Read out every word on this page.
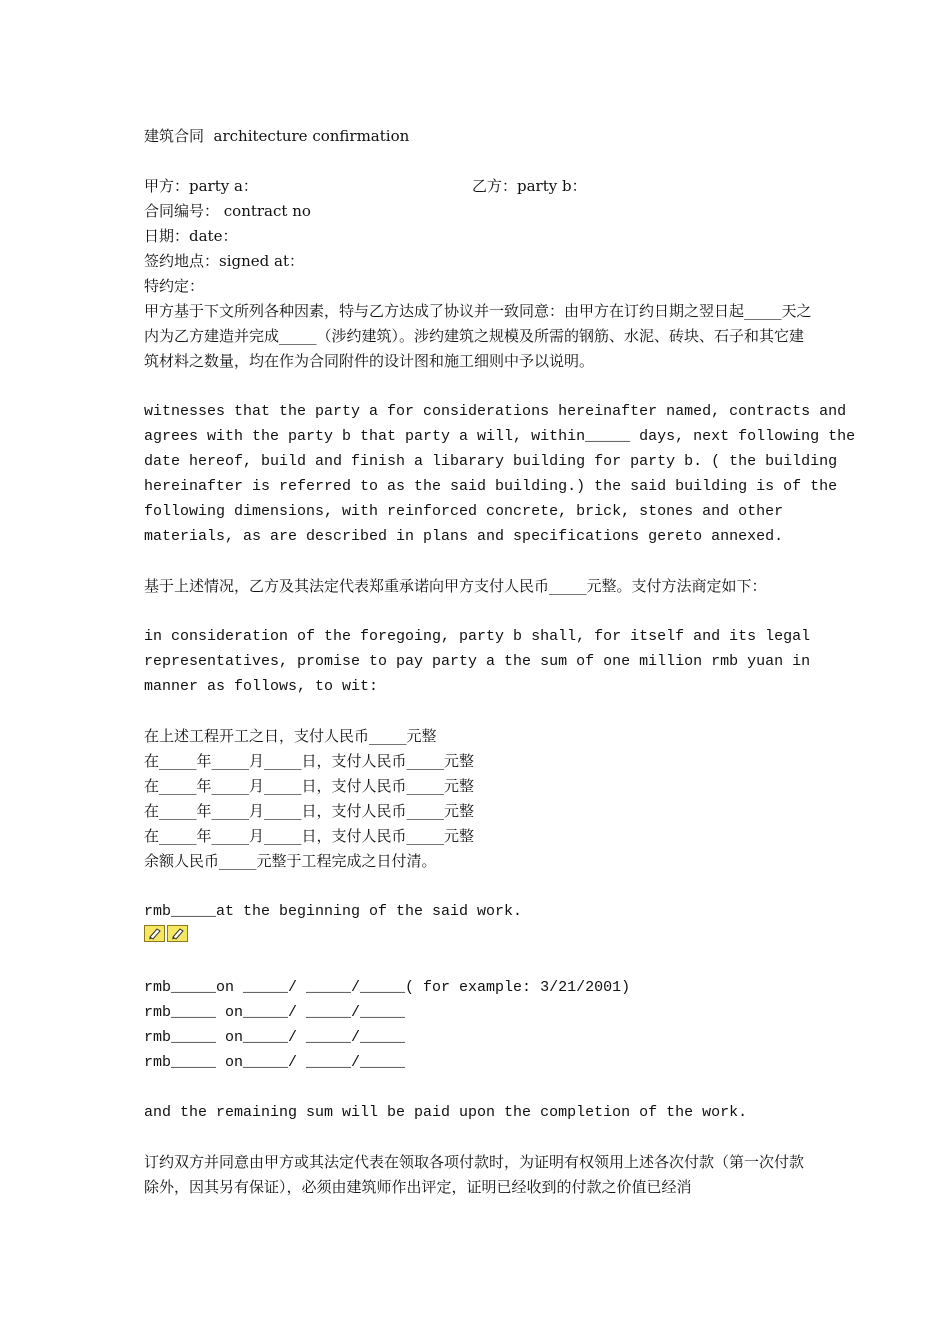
建筑合同  architecture confirmation
甲方：party a：	乙方：party b：
合同编号： contract no
日期：date：
签约地点：signed at：
特约定：
甲方基于下文所列各种因素，特与乙方达成了协议并一致同意：由甲方在订约日期之翌日起_____天之内为乙方建造并完成_____（涉约建筑）。涉约建筑之规模及所需的钢筋、水泥、砖块、石子和其它建筑材料之数量，均在作为合同附件的设计图和施工细则中予以说明。
witnesses that the party a for considerations hereinafter named, contracts and
agrees with the party b that party a will, within_____ days, next following the
date hereof, build and finish a libarary building for party b. ( the building
hereinafter is referred to as the said building.) the said building is of the
following dimensions, with reinforced concrete, brick, stones and other
materials, as are described in plans and specifications gereto annexed.
基于上述情况，乙方及其法定代表郑重承诺向甲方支付人民币_____元整。支付方法商定如下：
in consideration of the foregoing, party b shall, for itself and its legal
representatives, promise to pay party a the sum of one million rmb yuan in
manner as follows, to wit:
在上述工程开工之日，支付人民币_____元整
在_____年_____月_____日，支付人民币_____元整
在_____年_____月_____日，支付人民币_____元整
在_____年_____月_____日，支付人民币_____元整
在_____年_____月_____日，支付人民币_____元整
余额人民币_____元整于工程完成之日付清。
rmb_____at the beginning of the said work.
rmb_____on _____/ _____/_____( for example: 3/21/2001)
rmb_____ on_____/ _____/_____
rmb_____ on_____/ _____/_____
rmb_____ on_____/ _____/_____
and the remaining sum will be paid upon the completion of the work.
订约双方并同意由甲方或其法定代表在领取各项付款时，为证明有权领用上述各次付款（第一次付款除外，因其另有保证），必须由建筑师作出评定，证明已经收到的付款之价值已经消
